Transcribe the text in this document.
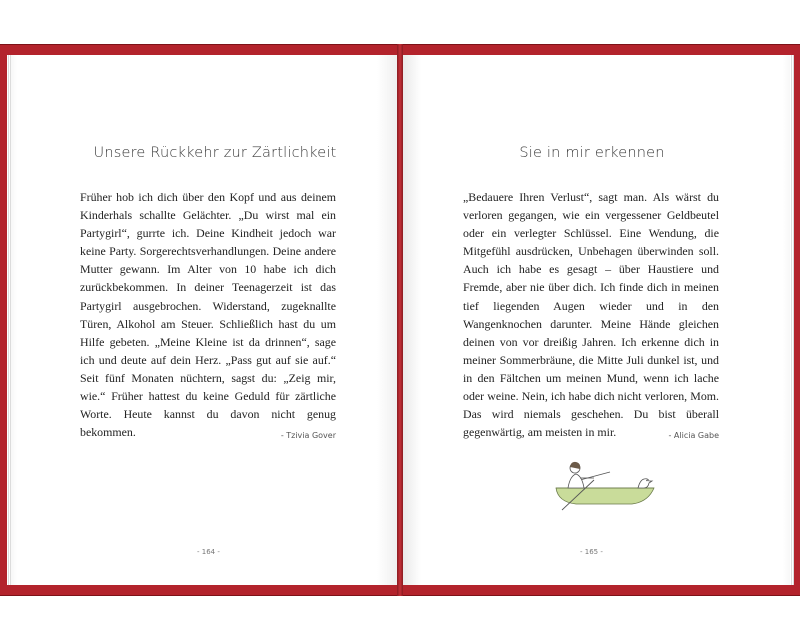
Unsere Rückkehr zur Zärtlichkeit
Früher hob ich dich über den Kopf und aus deinem Kinderhals schallte Gelächter. „Du wirst mal ein Partygirl“, gurrte ich. Deine Kindheit jedoch war keine Party. Sorgerechtsverhandlungen. Deine andere Mutter gewann. Im Alter von 10 habe ich dich zurückbekommen. In deiner Teenagerzeit ist das Partygirl ausgebrochen. Widerstand, zugeknallte Türen, Alkohol am Steuer. Schließlich hast du um Hilfe gebeten. „Meine Kleine ist da drinnen“, sage ich und deute auf dein Herz. „Pass gut auf sie auf.“ Seit fünf Monaten nüchtern, sagst du: „Zeig mir, wie.“ Früher hattest du keine Geduld für zärtliche Worte. Heute kannst du davon nicht genug bekommen.	- Tzivia Gover
- 164 -
Sie in mir erkennen
„Bedauere Ihren Verlust“, sagt man. Als wärst du verloren gegangen, wie ein vergessener Geldbeutel oder ein verlegter Schlüssel. Eine Wendung, die Mitgefühl ausdrücken, Unbehagen überwinden soll. Auch ich habe es gesagt – über Haustiere und Fremde, aber nie über dich. Ich finde dich in meinen tief liegenden Augen wieder und in den Wangenknochen darunter. Meine Hände gleichen deinen von vor dreißig Jahren. Ich erkenne dich in meiner Sommerbräune, die Mitte Juli dunkel ist, und in den Fältchen um meinen Mund, wenn ich lache oder weine. Nein, ich habe dich nicht verloren, Mom. Das wird niemals geschehen. Du bist überall gegenwärtig, am meisten in mir.	- Alicia Gabe
- 165 -
